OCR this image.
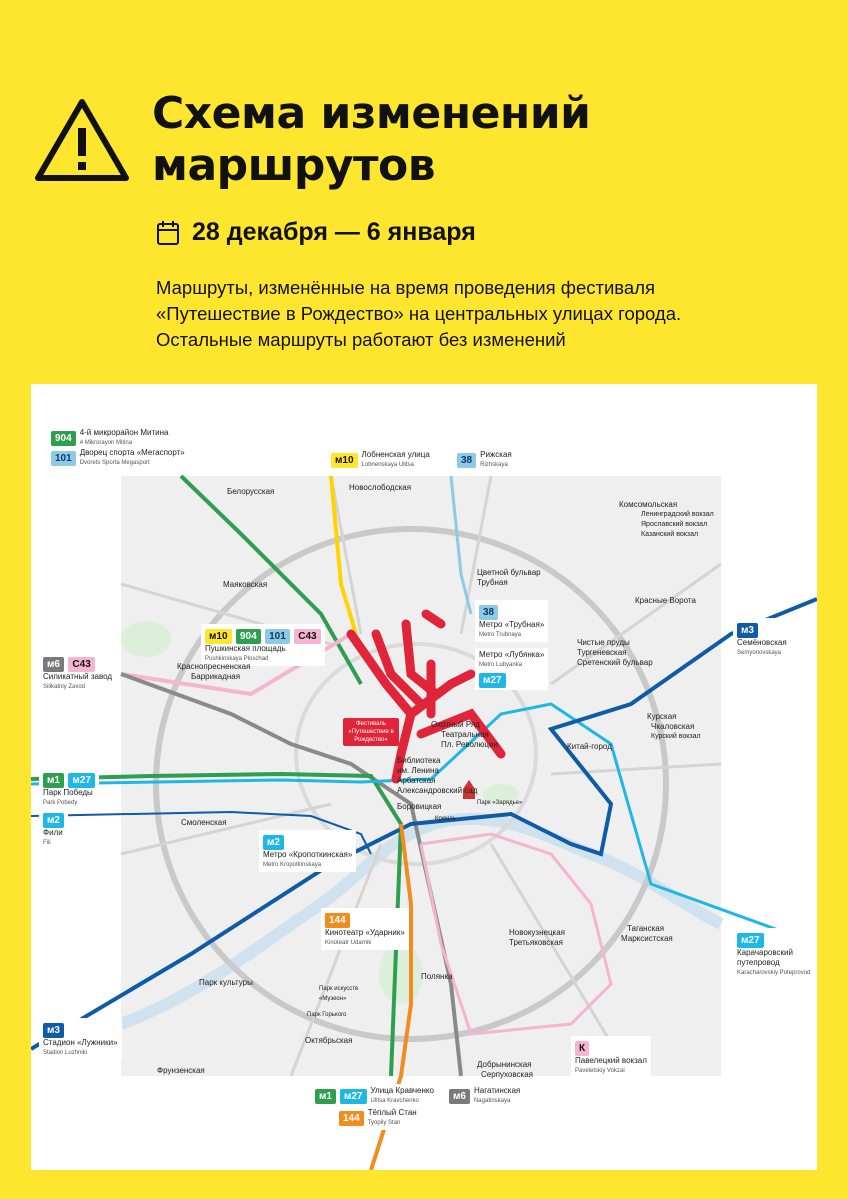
Схема изменений
маршрутов
28 декабря — 6 января
Маршруты, изменённые на время проведения фестиваля
«Путешествие в Рождество» на центральных улицах города.
Остальные маршруты работают без изменений
904	4-й микрорайон Митина
4 Mikrorayon Mitina
101	Дворец спорта «Мегаспорт»
Dvorets Sporta Megasport	м10	Лобненская улица
Lobnenskaya Ulitsa	38	Рижская
Rizhskaya
м3
Семёновская
Semyonovskaya
м6 С43
Силикатный завод
Silikatniy Zavod
м1 м27
Парк Победы
Park Pobedy
м2
Фили
Fili
м27
Карачаровский путепровод
Karacharovskiy Puteprovod
м3
Стадион «Лужники»
Stadion Luzhniki
м1	м27	Улица Кравченко
Ulitsa Kravchenko
144	Тёплый Стан
Tyopliy Stan
м6	Нагатинская
Nagatinskaya
К
Павелецкий вокзал
Paveletskiy Vokzal
м10 904 101 С43
Пушкинская площадь
Pushkinskaya Ploschad
38
Метро «Трубная»
Metro Trubnaya
Метро «Лубянка»
Metro Lubyanka
м27
м2
Метро «Кропоткинская»
Metro Kropotkinskaya
144
Кинотеатр «Ударник»
Kinoteatr Udarnik
Фестиваль «Путешествие в Рождество»
Белорусская	Новослободская
Маяковская
Цветной бульвар
Трубная
Комсомольская
Ленинградский вокзал
Ярославский вокзал
Казанский вокзал
Красные Ворота
Чистые пруды
Тургеневская
Сретенский бульвар
Краснопресненская
Баррикадная
Охотный Ряд
Театральная
Пл. Революции
Библиотека им. Ленина
Арбатская
Александровский сад
Боровицкая
Курская
Чкаловская
Курский вокзал
Китай-город
Смоленская
Новокузнецкая
Третьяковская
Таганская
Марксистская
Полянка
Парк культуры
Октябрьская
Добрынинская
Серпуховская
Фрунзенская
Парк «Зарядье»
Кремль
Парк Горького
Парк искусств «Музеон»
